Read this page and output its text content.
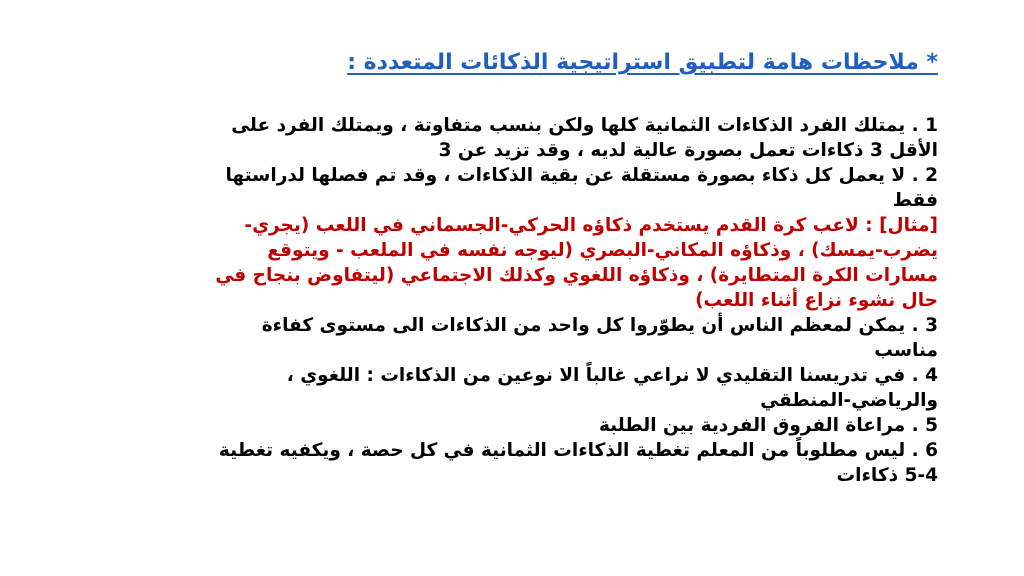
* ملاحظات هامة لتطبيق استراتيجية الذكائات المتعددة :

1 . يمتلك الفرد الذكاءات الثمانية كلها ولكن بنسب متفاوتة ، ويمتلك الفرد على الأقل 3 ذكاءات تعمل بصورة عالية لديه ، وقد تزيد عن 3

2 . لا يعمل كل ذكاء بصورة مستقلة عن بقية الذكاءات ، وقد تم فصلها لدراستها فقط

[مثال] : لاعب كرة القدم يستخدم ذكاؤه الحركي-الجسماني في اللعب (يجري-يضرب-يمسك) ، وذكاؤه المكاني-البصري (ليوجه نفسه في الملعب - ويتوقع مسارات الكرة المتطايرة) ، وذكاؤه اللغوي وكذلك الاجتماعي (ليتفاوض بنجاح في حال نشوء نزاع أثناء اللعب)

3 . يمكن لمعظم الناس أن يطوّروا كل واحد من الذكاءات الى مستوى كفاءة مناسب

4 . في تدريسنا التقليدي لا نراعي غالباً الا نوعين من الذكاءات : اللغوي ، والرياضي-المنطقي

5 . مراعاة الفروق الفردية بين الطلبة

6 . ليس مطلوباً من المعلم تغطية الذكاءات الثمانية في كل حصة ، ويكفيه تغطية 4-5 ذكاءات
